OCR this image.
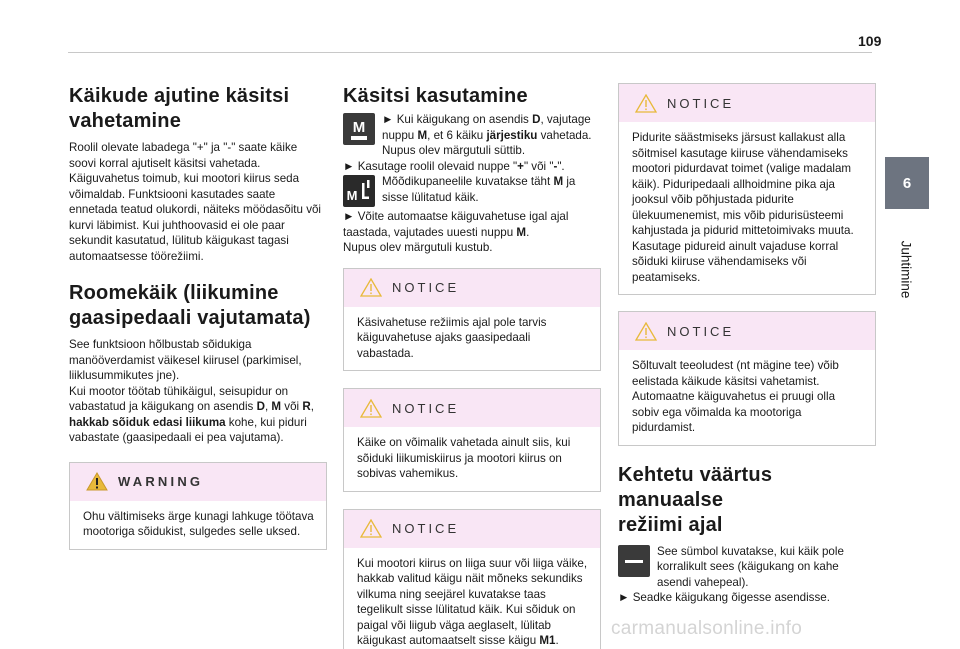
109
6
Juhtimine
Käikude ajutine käsitsi
vahetamine

Roolil olevate labadega "+" ja "-" saate käike soovi korral ajutiselt käsitsi vahetada. Käiguvahetus toimub, kui mootori kiirus seda võimaldab. Funktsiooni kasutades saate ennetada teatud olukordi, näiteks möödasõitu või kurvi läbimist. Kui juhthoovasid ei ole paar sekundit kasutatud, lülitub käigukast tagasi automaatsesse töörežiimi.

Roomekäik (liikumine
gaasipedaali vajutamata)

See funktsioon hõlbustab sõidukiga manööverdamist väikesel kiirusel (parkimisel, liiklusummikutes jne).

Kui mootor töötab tühikäigul, seisupidur on vabastatud ja käigukang on asendis D, M või R, hakkab sõiduk edasi liikuma kohe, kui piduri vabastate (gaasipedaali ei pea vajutama).

WARNING
Ohu vältimiseks ärge kunagi lahkuge töötava mootoriga sõidukist, sulgedes selle uksed.
Käsitsi kasutamine
M ► Kui käigukang on asendis D, vajutage nuppu M, et 6 käiku järjestiku vahetada.
Nupus olev märgutuli süttib.
► Kasutage roolil olevaid nuppe "+" või "-".
M
Mõõdikupaneelile kuvatakse täht M ja sisse lülitatud käik.
► Võite automaatse käiguvahetuse igal ajal taastada, vajutades uuesti nuppu M.
Nupus olev märgutuli kustub.
NOTICE
Käsivahetuse režiimis ajal pole tarvis käiguvahetuse ajaks gaasipedaali vabastada.
NOTICE
Käike on võimalik vahetada ainult siis, kui sõiduki liikumiskiirus ja mootori kiirus on sobivas vahemikus.
NOTICE
Kui mootori kiirus on liiga suur või liiga väike, hakkab valitud käigu näit mõneks sekundiks vilkuma ning seejärel kuvatakse taas tegelikult sisse lülitatud käik. Kui sõiduk on paigal või liigub väga aeglaselt, lülitab käigukast automaatselt sisse käigu M1.
NOTICE
Pidurite säästmiseks järsust kallakust alla sõitmisel kasutage kiiruse vähendamiseks mootori pidurdavat toimet (valige madalam käik). Piduripedaali allhoidmine pika aja jooksul võib põhjustada pidurite ülekuumenemist, mis võib pidurisüsteemi kahjustada ja pidurid mittetoimivaks muuta. Kasutage pidureid ainult vajaduse korral sõiduki kiiruse vähendamiseks või peatamiseks.
NOTICE
Sõltuvalt teeoludest (nt mägine tee) võib eelistada käikude käsitsi vahetamist. Automaatne käiguvahetus ei pruugi olla sobiv ega võimalda ka mootoriga pidurdamist.
Kehtetu väärtus manuaalse
režiimi ajal
See sümbol kuvatakse, kui käik pole korralikult sees (käigukang on kahe asendi vahepeal).

► Seadke käigukang õigesse asendisse.

carmanualsonline.info
